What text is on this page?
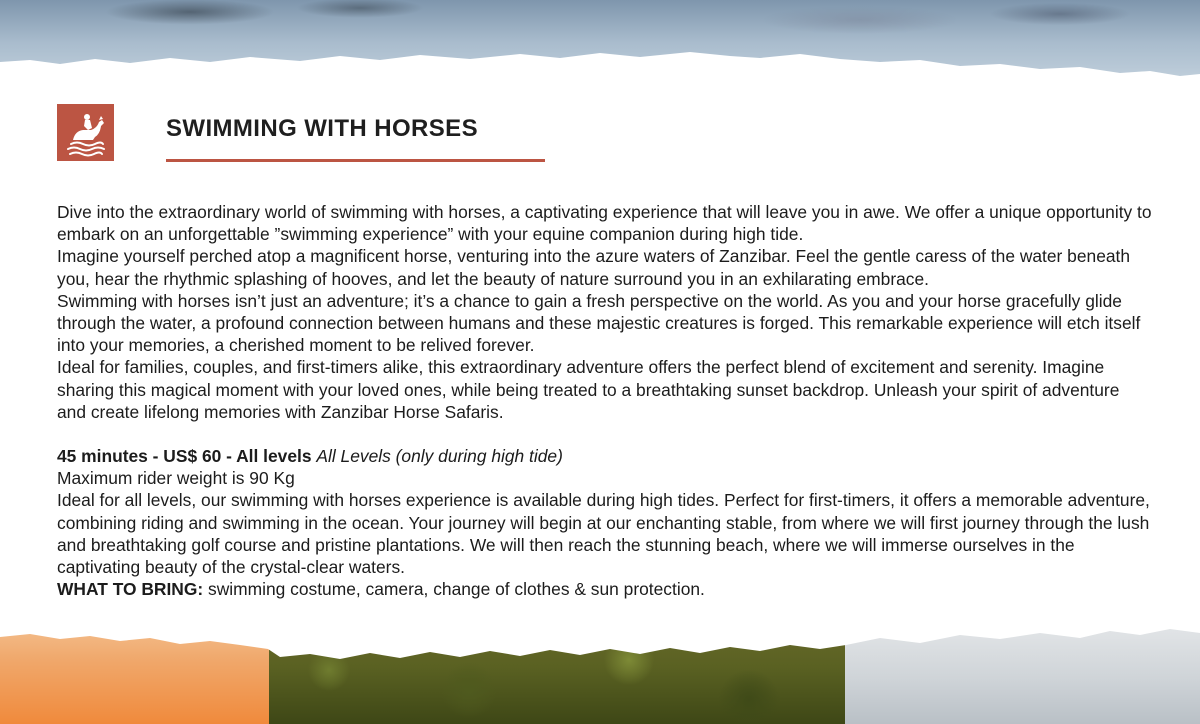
SWIMMING WITH HORSES

Dive into the extraordinary world of swimming with horses, a captivating experience that will leave you in awe. We offer a unique opportunity to embark on an unforgettable ”swimming experience” with your equine companion during high tide.

Imagine yourself perched atop a magnificent horse, venturing into the azure waters of Zanzibar. Feel the gentle caress of the water beneath you, hear the rhythmic splashing of hooves, and let the beauty of nature surround you in an exhilarating embrace.

Swimming with horses isn’t just an adventure; it’s a chance to gain a fresh perspective on the world. As you and your horse gracefully glide through the water, a profound connection between humans and these majestic creatures is forged. This remarkable experience will etch itself into your memories, a cherished moment to be relived forever.

Ideal for families, couples, and first-timers alike, this extraordinary adventure offers the perfect blend of excitement and serenity. Imagine sharing this magical moment with your loved ones, while being treated to a breathtaking sunset backdrop. Unleash your spirit of adventure and create lifelong memories with Zanzibar Horse Safaris.

45 minutes - US$ 60 - All levels All Levels (only during high tide)

Maximum rider weight is 90 Kg

Ideal for all levels, our swimming with horses experience is available during high tides. Perfect for first-timers, it offers a memorable adventure, combining riding and swimming in the ocean. Your journey will begin at our enchanting stable, from where we will first journey through the lush and breathtaking golf course and pristine plantations. We will then reach the stunning beach, where we will immerse ourselves in the captivating beauty of the crystal-clear waters.

WHAT TO BRING: swimming costume, camera, change of clothes & sun protection.
